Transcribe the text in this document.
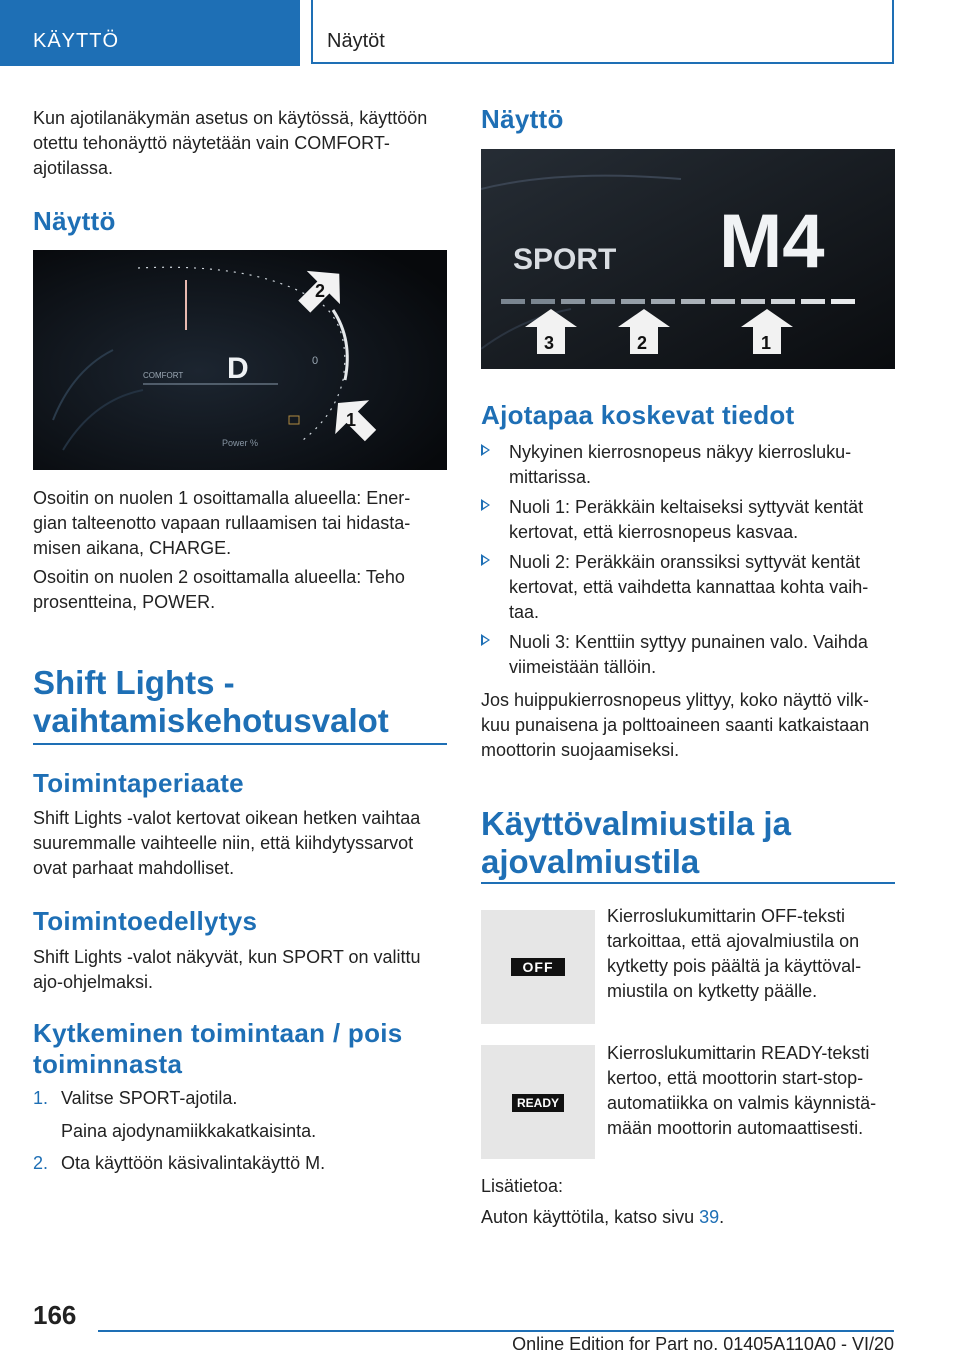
KÄYTTÖ	Näytöt

Kun ajotilanäkymän asetus on käytössä, käyttöön

otettu tehonäyttö näytetään vain COMFORT-

ajotilassa.

Näyttö
COMFORT D	0
Power %
2
1

Osoitin on nuolen 1 osoittamalla alueella: Ener-

gian talteenotto vapaan rullaamisen tai hidasta-

misen aikana, CHARGE.

Osoitin on nuolen 2 osoittamalla alueella: Teho

prosentteina, POWER.

Shift Lights -
vaihtamiskehotusvalot
Toimintaperiaate

Shift Lights -valot kertovat oikean hetken vaihtaa

suuremmalle vaihteelle niin, että kiihdytyssarvot

ovat parhaat mahdolliset.

Toimintoedellytys

Shift Lights -valot näkyvät, kun SPORT on valittu

ajo-ohjelmaksi.

Kytkeminen toimintaan / pois
toiminnasta
1. Valitse SPORT-ajotila.

Paina ajodynamiikkakatkaisinta.

2. Ota käyttöön käsivalintakäyttö M.

Näyttö
SPORT M4
3	2	1
Ajotapaa koskevat tiedot

Nykyinen kierrosnopeus näkyy kierrosluku-

mittarissa.

Nuoli 1: Peräkkäin keltaiseksi syttyvät kentät

kertovat, että kierrosnopeus kasvaa.

Nuoli 2: Peräkkäin oranssiksi syttyvät kentät

kertovat, että vaihdetta kannattaa kohta vaih-

taa.

Nuoli 3: Kenttiin syttyy punainen valo. Vaihda

viimeistään tällöin.

Jos huippukierrosnopeus ylittyy, koko näyttö vilk-

kuu punaisena ja polttoaineen saanti katkaistaan

moottorin suojaamiseksi.

Käyttövalmiustila ja
ajovalmiustila
OFF

Kierroslukumittarin OFF-teksti

tarkoittaa, että ajovalmiustila on

kytketty pois päältä ja käyttöval-

miustila on kytketty päälle.

READY

Kierroslukumittarin READY-teksti

kertoo, että moottorin start-stop-

automatiikka on valmis käynnistä-

mään moottorin automaattisesti.

Lisätietoa:

Auton käyttötila, katso sivu 39.

166
Online Edition for Part no. 01405A110A0 - VI/20
